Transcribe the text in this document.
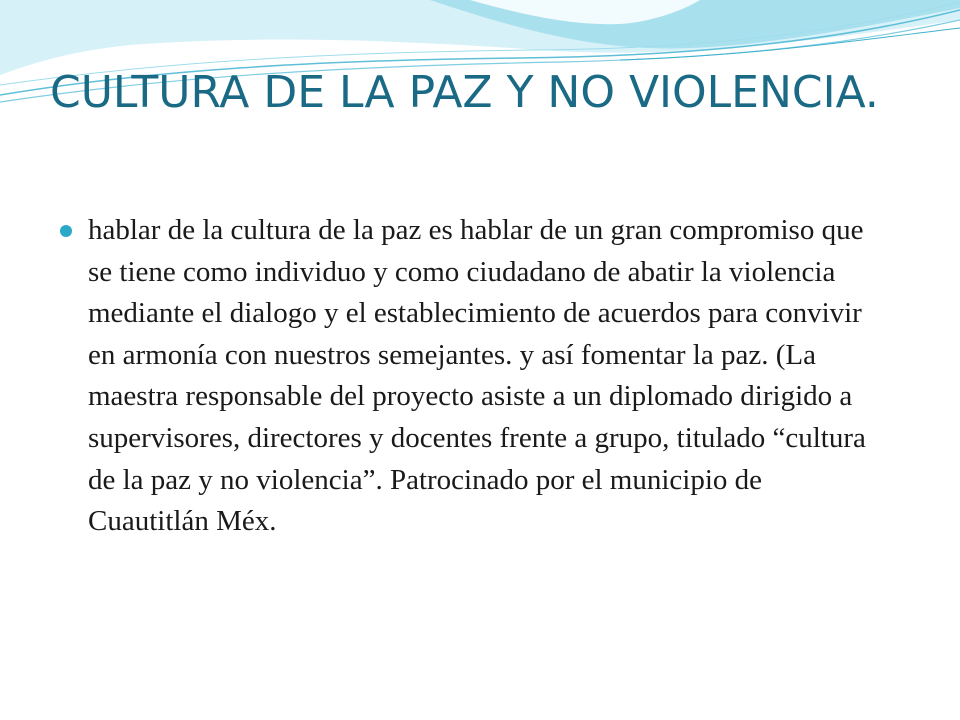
CULTURA DE LA PAZ Y NO VIOLENCIA.

hablar de la cultura de la paz es hablar de un gran compromiso que se tiene como individuo y como ciudadano de abatir la violencia mediante el dialogo y el establecimiento de acuerdos para convivir en armonía con nuestros semejantes. y así fomentar la paz. (La maestra responsable del proyecto asiste a un diplomado dirigido a supervisores, directores y docentes frente a grupo, titulado “cultura de la paz y no violencia”. Patrocinado por el municipio de Cuautitlán Méx.
